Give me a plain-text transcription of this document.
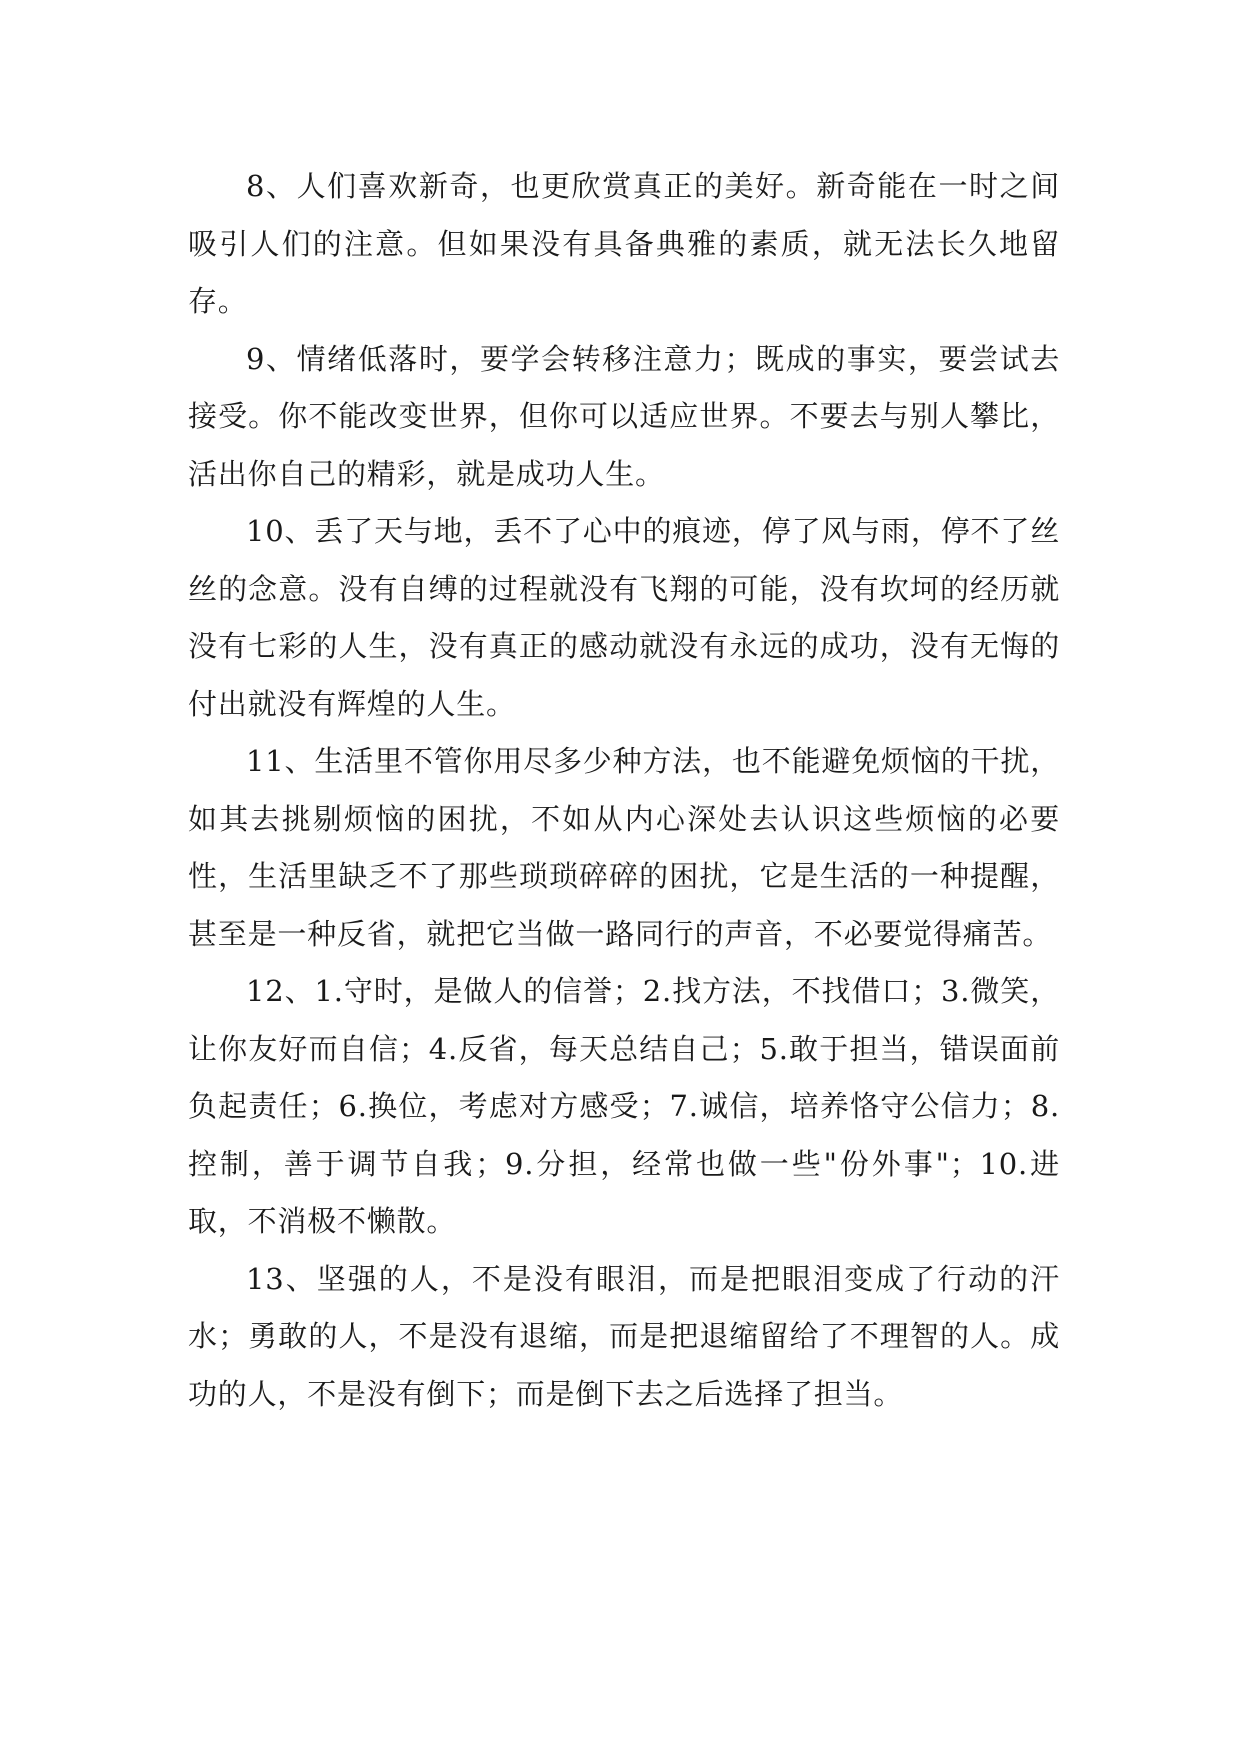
8、人们喜欢新奇，也更欣赏真正的美好。新奇能在一时之间吸引人们的注意。但如果没有具备典雅的素质，就无法长久地留存。

9、情绪低落时，要学会转移注意力；既成的事实，要尝试去接受。你不能改变世界，但你可以适应世界。不要去与别人攀比，活出你自己的精彩，就是成功人生。

10、丢了天与地，丢不了心中的痕迹，停了风与雨，停不了丝丝的念意。没有自缚的过程就没有飞翔的可能，没有坎坷的经历就没有七彩的人生，没有真正的感动就没有永远的成功，没有无悔的付出就没有辉煌的人生。

11、生活里不管你用尽多少种方法，也不能避免烦恼的干扰，如其去挑剔烦恼的困扰，不如从内心深处去认识这些烦恼的必要性，生活里缺乏不了那些琐琐碎碎的困扰，它是生活的一种提醒，甚至是一种反省，就把它当做一路同行的声音，不必要觉得痛苦。

12、1.守时，是做人的信誉；2.找方法，不找借口；3.微笑，让你友好而自信；4.反省，每天总结自己；5.敢于担当，错误面前负起责任；6.换位，考虑对方感受；7.诚信，培养恪守公信力；8.控制，善于调节自我；9.分担，经常也做一些"份外事"；10.进取，不消极不懒散。

13、坚强的人，不是没有眼泪，而是把眼泪变成了行动的汗水；勇敢的人，不是没有退缩，而是把退缩留给了不理智的人。成功的人，不是没有倒下；而是倒下去之后选择了担当。
